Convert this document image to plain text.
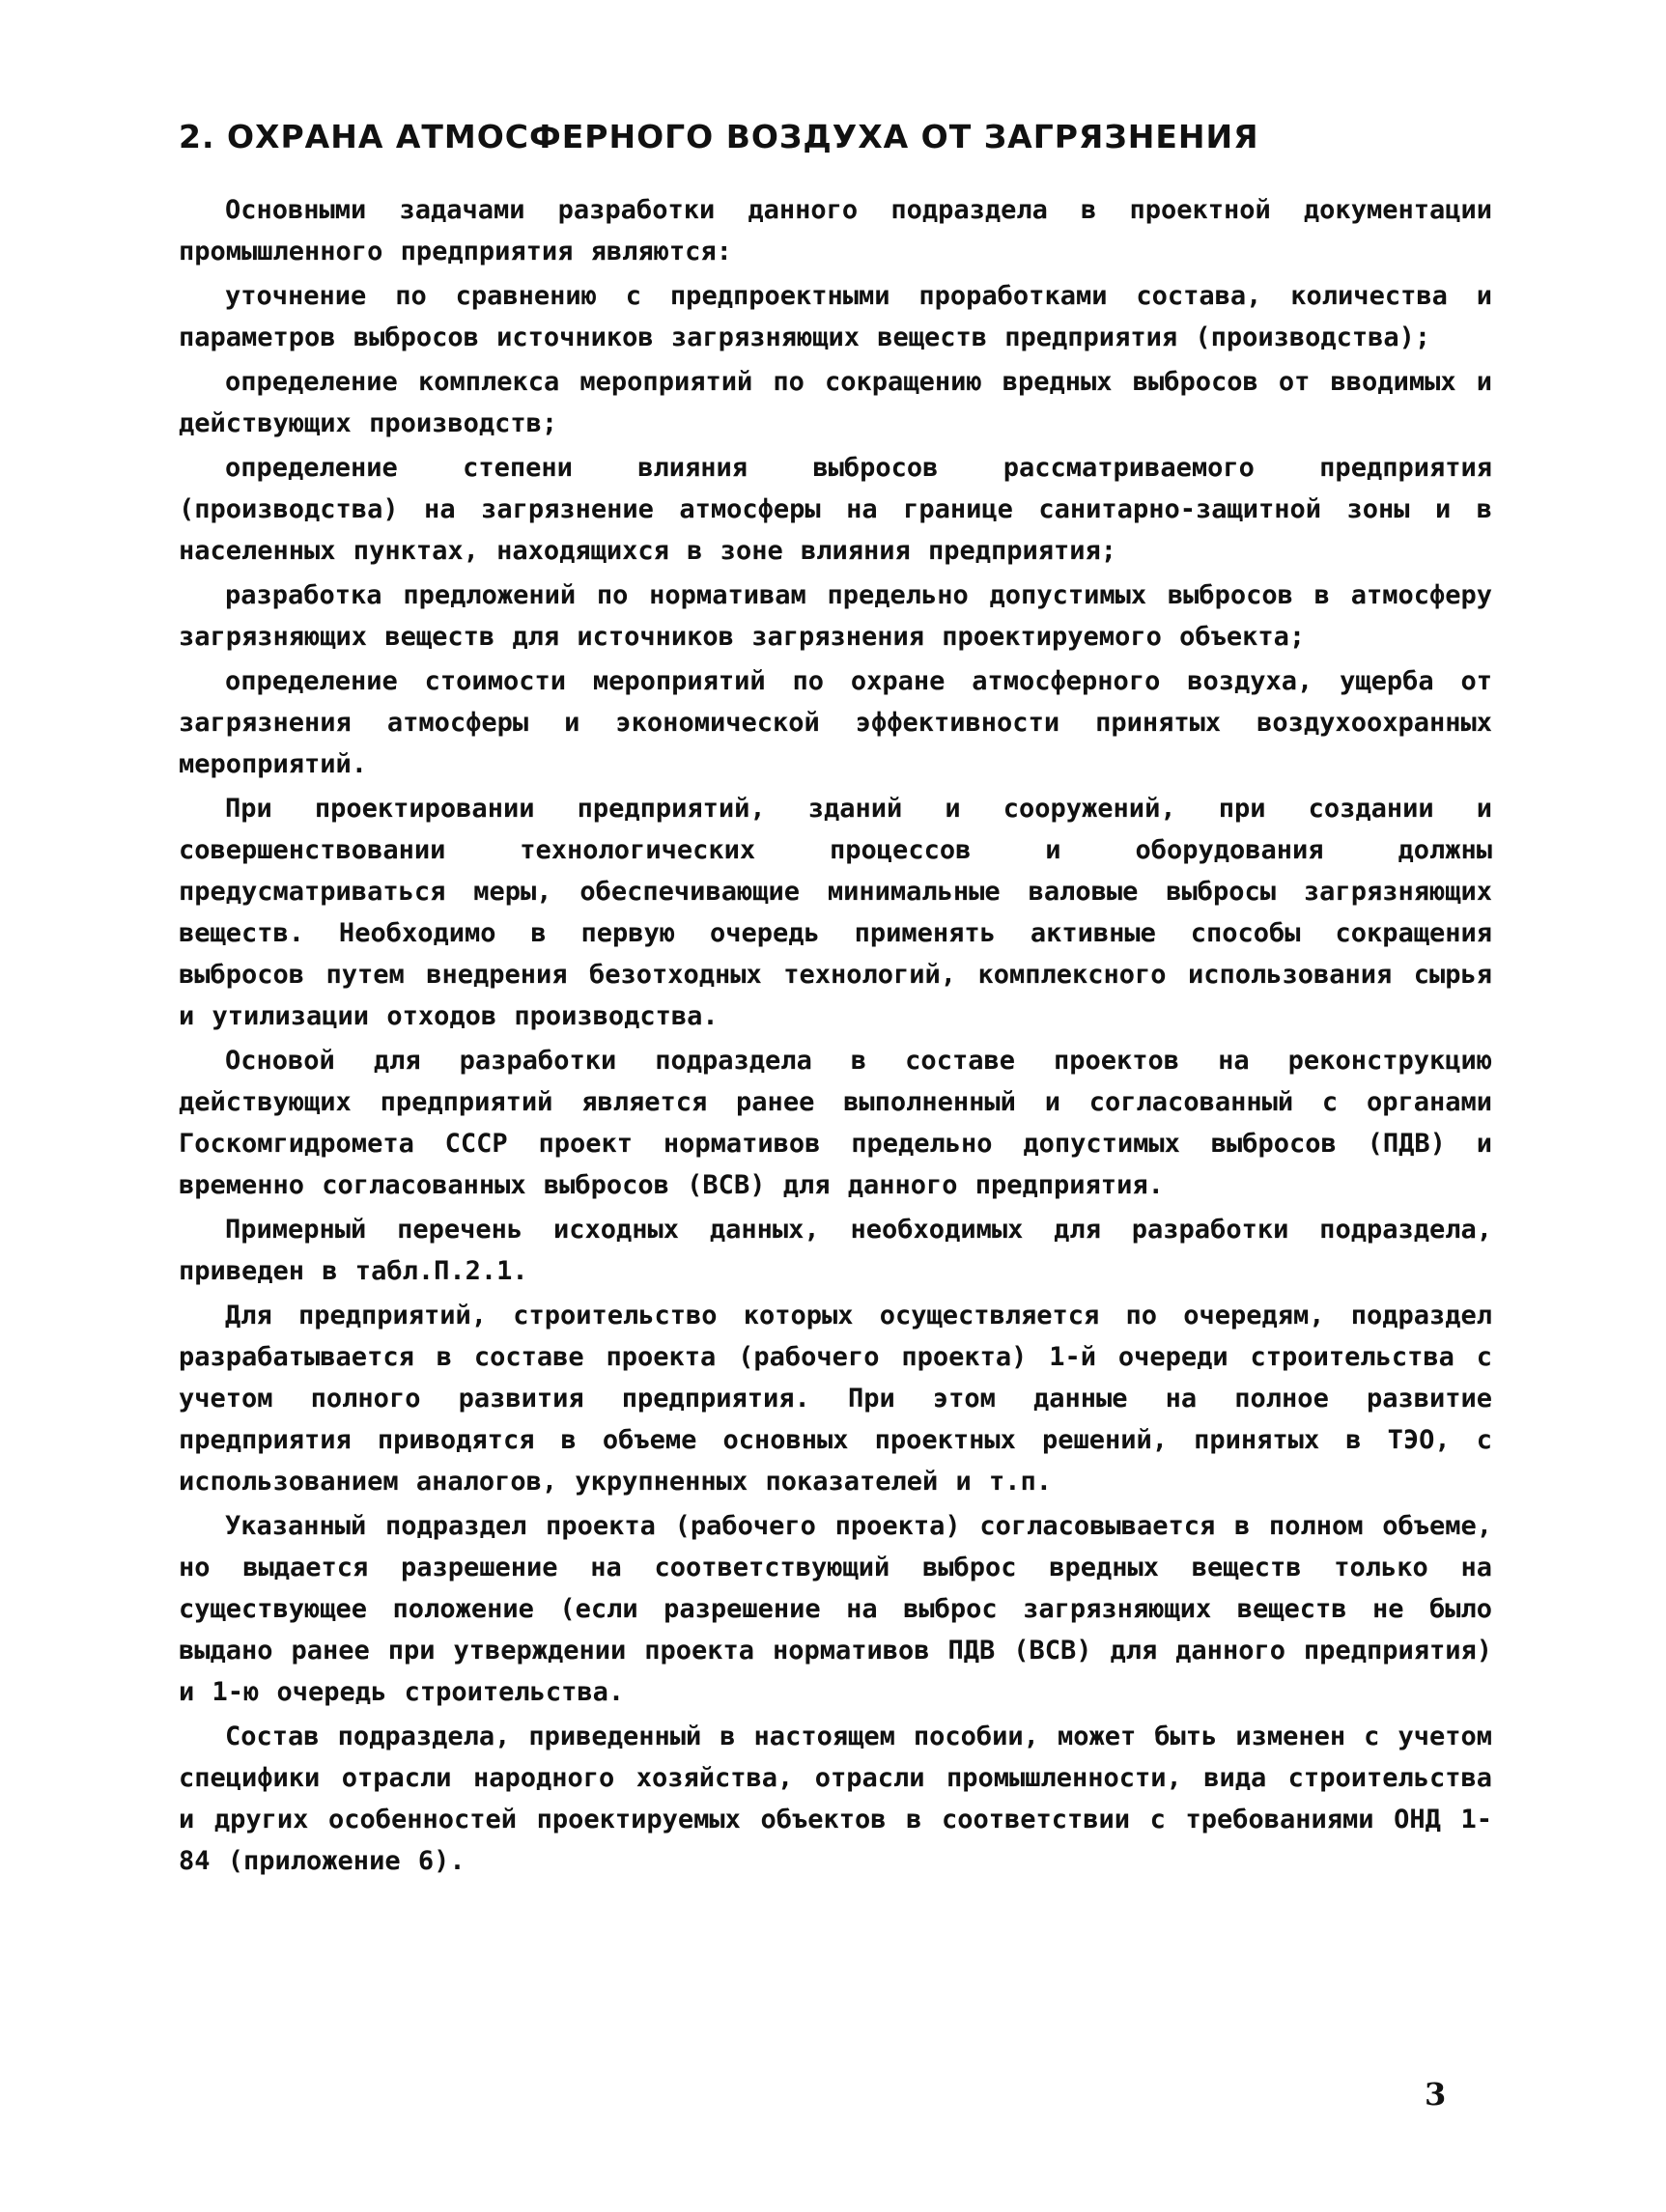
2. ОХРАНА АТМОСФЕРНОГО ВОЗДУХА ОТ ЗАГРЯЗНЕНИЯ

Основными задачами разработки данного подраздела в проектной документации промышленного предприятия являются:

уточнение по сравнению с предпроектными проработками состава, количества и параметров выбросов источников загрязняющих веществ предприятия (производства);

определение комплекса мероприятий по сокращению вредных выбросов от вводимых и действующих производств;

определение степени влияния выбросов рассматриваемого предприятия (производства) на загрязнение атмосферы на границе санитарно-защитной зоны и в населенных пунктах, находящихся в зоне влияния предприятия;

разработка предложений по нормативам предельно допустимых выбросов в атмосферу загрязняющих веществ для источников загрязнения проектируемого объекта;

определение стоимости мероприятий по охране атмосферного воздуха, ущерба от загрязнения атмосферы и экономической эффективности принятых воздухоохранных мероприятий.

При проектировании предприятий, зданий и сооружений, при создании и совершенствовании технологических процессов и оборудования должны предусматриваться меры, обеспечивающие минимальные валовые выбросы загрязняющих веществ. Необходимо в первую очередь применять активные способы сокращения выбросов путем внедрения безотходных технологий, комплексного использования сырья и утилизации отходов производства.

Основой для разработки подраздела в составе проектов на реконструкцию действующих предприятий является ранее выполненный и согласованный с органами Госкомгидромета СССР проект нормативов предельно допустимых выбросов (ПДВ) и временно согласованных выбросов (ВСВ) для данного предприятия.

Примерный перечень исходных данных, необходимых для разработки подраздела, приведен в табл.П.2.1.

Для предприятий, строительство которых осуществляется по очередям, подраздел разрабатывается в составе проекта (рабочего проекта) 1-й очереди строительства с учетом полного развития предприятия. При этом данные на полное развитие предприятия приводятся в объеме основных проектных решений, принятых в ТЭО, с использованием аналогов, укрупненных показателей и т.п.

Указанный подраздел проекта (рабочего проекта) согласовывается в полном объеме, но выдается разрешение на соответствующий выброс вредных веществ только на существующее положение (если разрешение на выброс загрязняющих веществ не было выдано ранее при утверждении проекта нормативов ПДВ (ВСВ) для данного предприятия) и 1-ю очередь строительства.

Состав подраздела, приведенный в настоящем пособии, может быть изменен с учетом специфики отрасли народного хозяйства, отрасли промышленности, вида строительства и других особенностей проектируемых объектов в соответствии с требованиями ОНД 1-84 (приложение 6).

3
